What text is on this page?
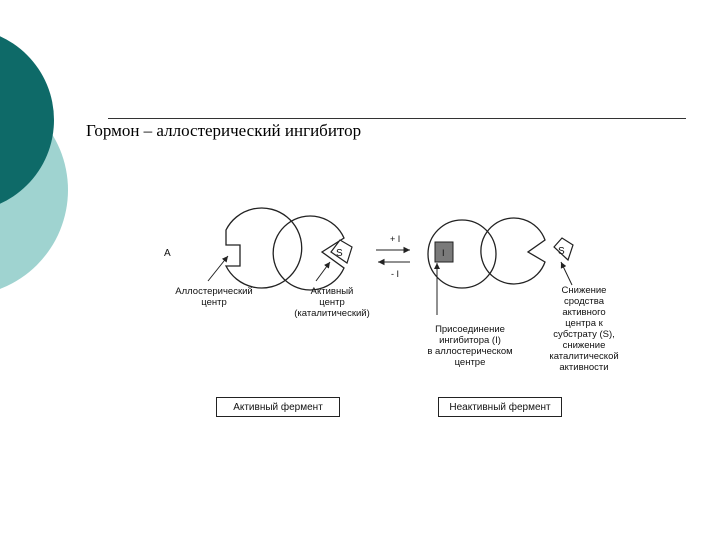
Гормон – аллостерический ингибитор
A	S
+ I
- I
I	S
Аллостерический
центр
Активный
центр
(каталитический)
Присоединение
ингибитора (I)
в аллостерическом
центре
Снижение
сродства
активного
центра к
субстрату (S),
снижение
каталитической
активности
Активный фермент	Неактивный фермент
